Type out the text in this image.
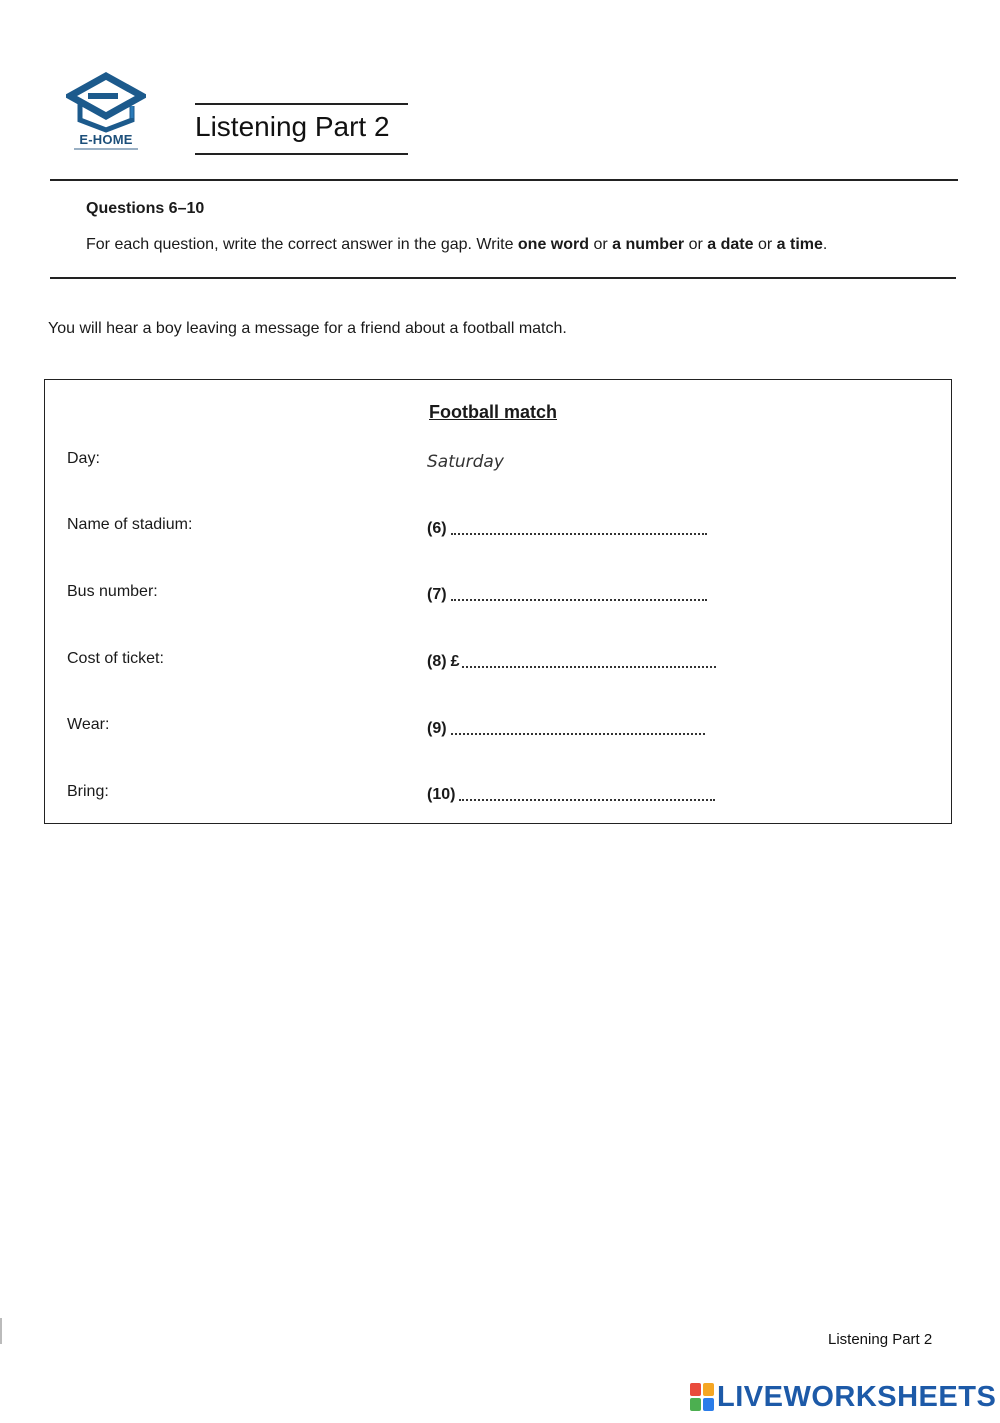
E-HOME	Listening Part 2
Questions 6–10
For each question, write the correct answer in the gap. Write one word or a number or a date or a time.
You will hear a boy leaving a message for a friend about a football match.
Football match
Day:	Saturday
Name of stadium:	(6)
Bus number:	(7)
Cost of ticket:	(8) £
Wear:	(9)
Bring:	(10)
Listening Part 2
LIVEWORKSHEETS
